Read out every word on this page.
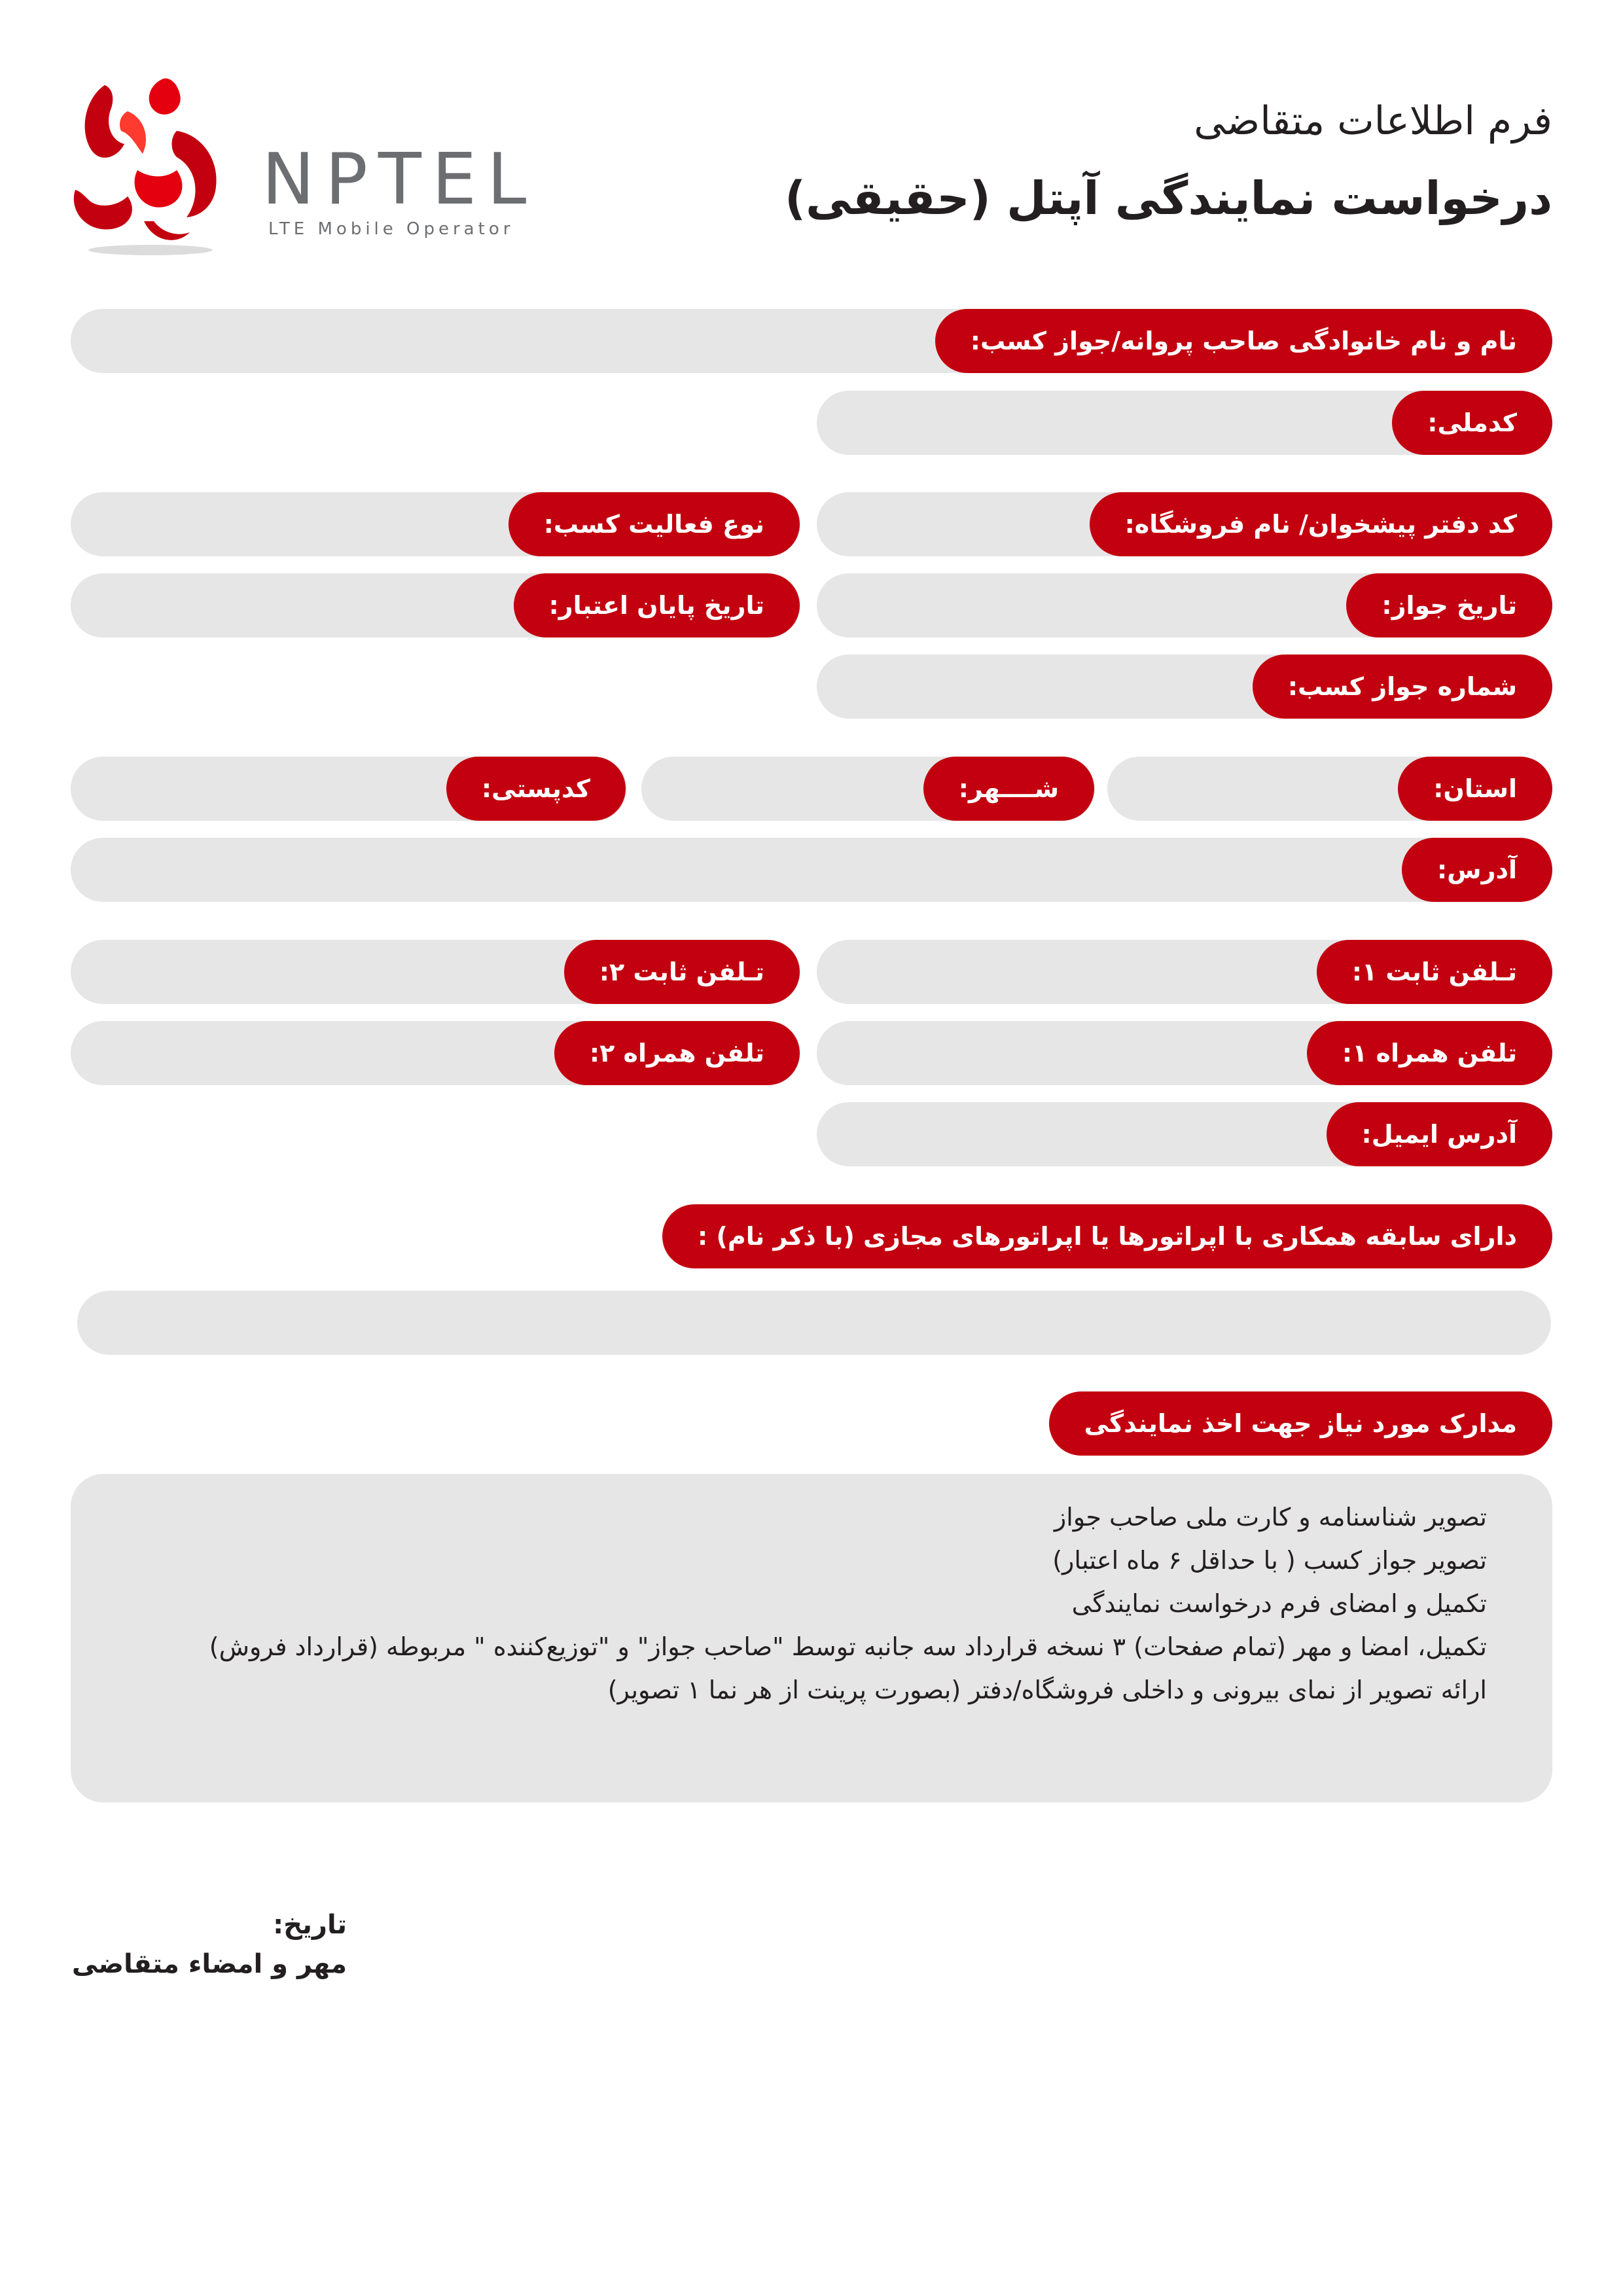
NPTEL
LTE Mobile Operator
فرم اطلاعات متقاضی
درخواست نمایندگی آپتل (حقیقی)
نام و نام خانوادگی صاحب پروانه/جواز کسب:
کدملی:
کد دفتر پیشخوان/ نام فروشگاه:
نوع فعالیت کسب:
تاریخ جواز:
تاریخ پایان اعتبار:
شماره جواز کسب:
استان:
شــــهر:
کدپستی:
آدرس:
تـلفن ثابت ۱:
تـلفن ثابت ۲:
تلفن همراه ۱:
تلفن همراه ۲:
آدرس ایمیل:
دارای سابقه همکاری با اپراتورها یا اپراتورهای مجازی (با ذکر نام) :
مدارک مورد نیاز جهت اخذ نمایندگی
تصویر شناسنامه و کارت ملی صاحب جواز
تصویر جواز کسب ( با حداقل ۶ ماه اعتبار)
تکمیل و امضای فرم درخواست نمایندگی
تکمیل، امضا و مهر (تمام صفحات) ۳ نسخه قرارداد سه جانبه توسط "صاحب جواز" و "توزیع‌کننده " مربوطه (قرارداد فروش)
ارائه تصویر از نمای بیرونی و داخلی فروشگاه/دفتر (بصورت پرینت از هر نما ۱ تصویر)
تاریخ:
مهر و امضاء متقاضی
